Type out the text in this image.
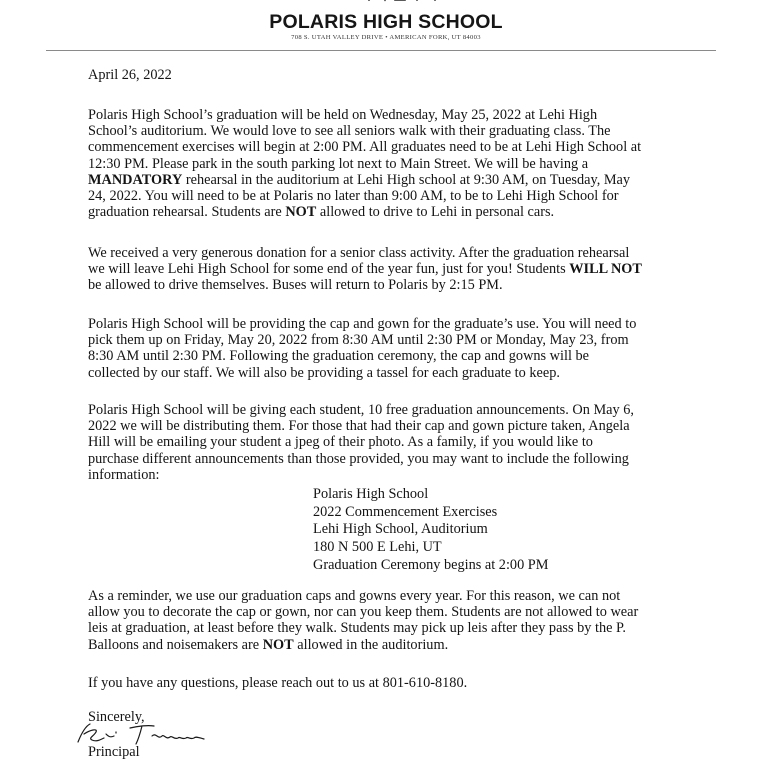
POLARIS HIGH SCHOOL
708 S. UTAH VALLEY DRIVE • AMERICAN FORK, UT 84003
April 26, 2022
Polaris High School’s graduation will be held on Wednesday, May 25, 2022 at Lehi High
School’s auditorium. We would love to see all seniors walk with their graduating class. The
commencement exercises will begin at 2:00 PM. All graduates need to be at Lehi High School at
12:30 PM. Please park in the south parking lot next to Main Street. We will be having a
MANDATORY rehearsal in the auditorium at Lehi High school at 9:30 AM, on Tuesday, May
24, 2022. You will need to be at Polaris no later than 9:00 AM, to be to Lehi High School for
graduation rehearsal. Students are NOT allowed to drive to Lehi in personal cars.
We received a very generous donation for a senior class activity. After the graduation rehearsal
we will leave Lehi High School for some end of the year fun, just for you! Students WILL NOT
be allowed to drive themselves. Buses will return to Polaris by 2:15 PM.
Polaris High School will be providing the cap and gown for the graduate’s use. You will need to
pick them up on Friday, May 20, 2022 from 8:30 AM until 2:30 PM or Monday, May 23, from
8:30 AM until 2:30 PM. Following the graduation ceremony, the cap and gowns will be
collected by our staff. We will also be providing a tassel for each graduate to keep.
Polaris High School will be giving each student, 10 free graduation announcements. On May 6,
2022 we will be distributing them. For those that had their cap and gown picture taken, Angela
Hill will be emailing your student a jpeg of their photo. As a family, if you would like to
purchase different announcements than those provided, you may want to include the following
information:
Polaris High School
2022 Commencement Exercises
Lehi High School, Auditorium
180 N 500 E Lehi, UT
Graduation Ceremony begins at 2:00 PM
As a reminder, we use our graduation caps and gowns every year. For this reason, we can not
allow you to decorate the cap or gown, nor can you keep them. Students are not allowed to wear
leis at graduation, at least before they walk. Students may pick up leis after they pass by the P.
Balloons and noisemakers are NOT allowed in the auditorium.
If you have any questions, please reach out to us at 801-610-8180.
Sincerely,
Principal
